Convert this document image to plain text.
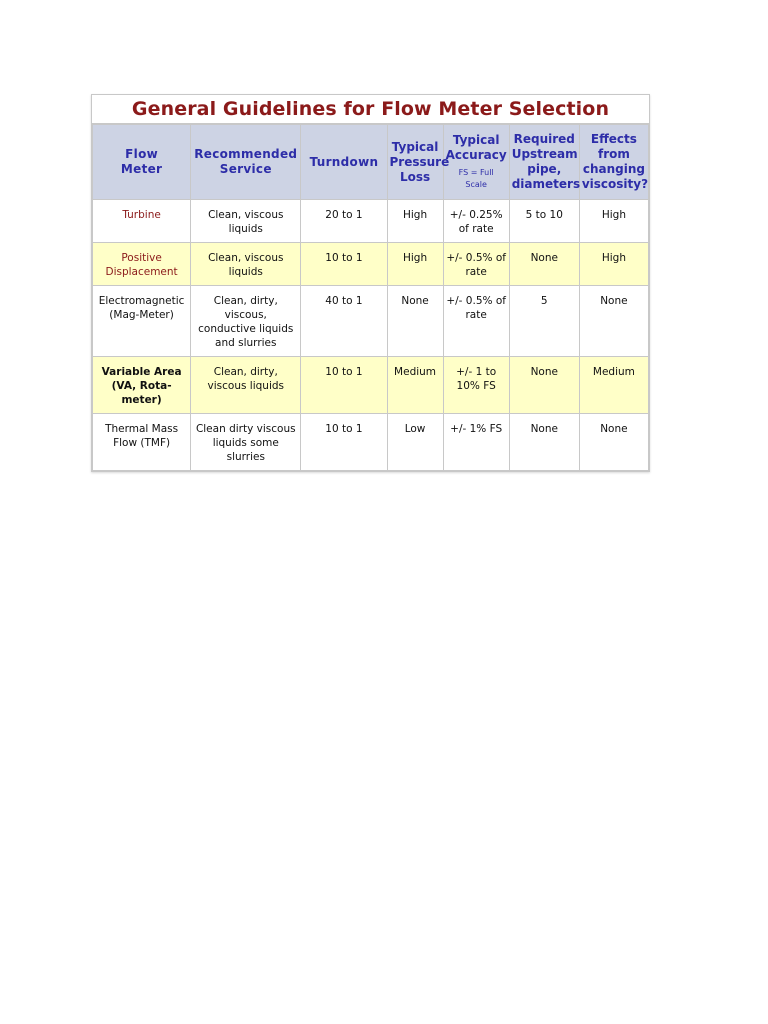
General Guidelines for Flow Meter Selection
Flow
Meter	Recommended
Service	Turndown	Typical
Pressure
Loss	Typical
Accuracy
FS = Full
Scale	Required
Upstream
pipe,
diameters	Effects
from
changing
viscosity?
Turbine	Clean, viscous
liquids	20 to 1	High	+/- 0.25%
of rate	5 to 10	High
Positive
Displacement	Clean, viscous
liquids	10 to 1	High	+/- 0.5% of
rate	None	High
Electromagnetic
(Mag-Meter)	Clean, dirty,
viscous,
conductive liquids
and slurries	40 to 1	None	+/- 0.5% of
rate	5	None
Variable Area
(VA, Rota-
meter)	Clean, dirty,
viscous liquids	10 to 1	Medium	+/- 1 to
10% FS	None	Medium
Thermal Mass
Flow (TMF)	Clean dirty viscous
liquids some
slurries	10 to 1	Low	+/- 1% FS	None	None
